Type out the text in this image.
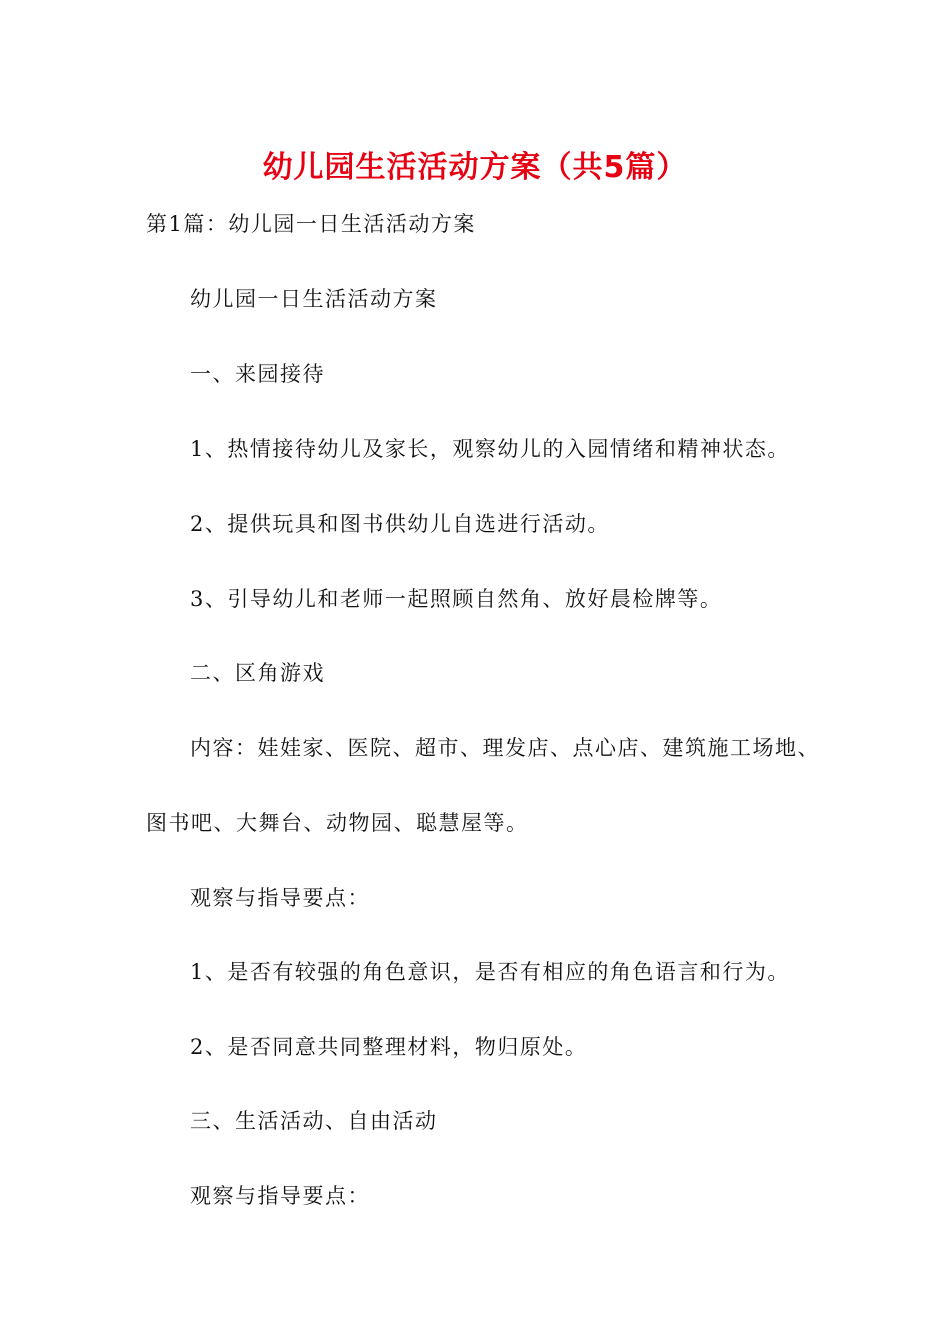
幼儿园生活活动方案（共5篇）
第1篇：幼儿园一日生活活动方案
幼儿园一日生活活动方案
一、来园接待
1、热情接待幼儿及家长，观察幼儿的入园情绪和精神状态。
2、提供玩具和图书供幼儿自选进行活动。
3、引导幼儿和老师一起照顾自然角、放好晨检牌等。
二、区角游戏
内容：娃娃家、医院、超市、理发店、点心店、建筑施工场地、
图书吧、大舞台、动物园、聪慧屋等。
观察与指导要点：
1、是否有较强的角色意识，是否有相应的角色语言和行为。
2、是否同意共同整理材料，物归原处。
三、生活活动、自由活动
观察与指导要点：
